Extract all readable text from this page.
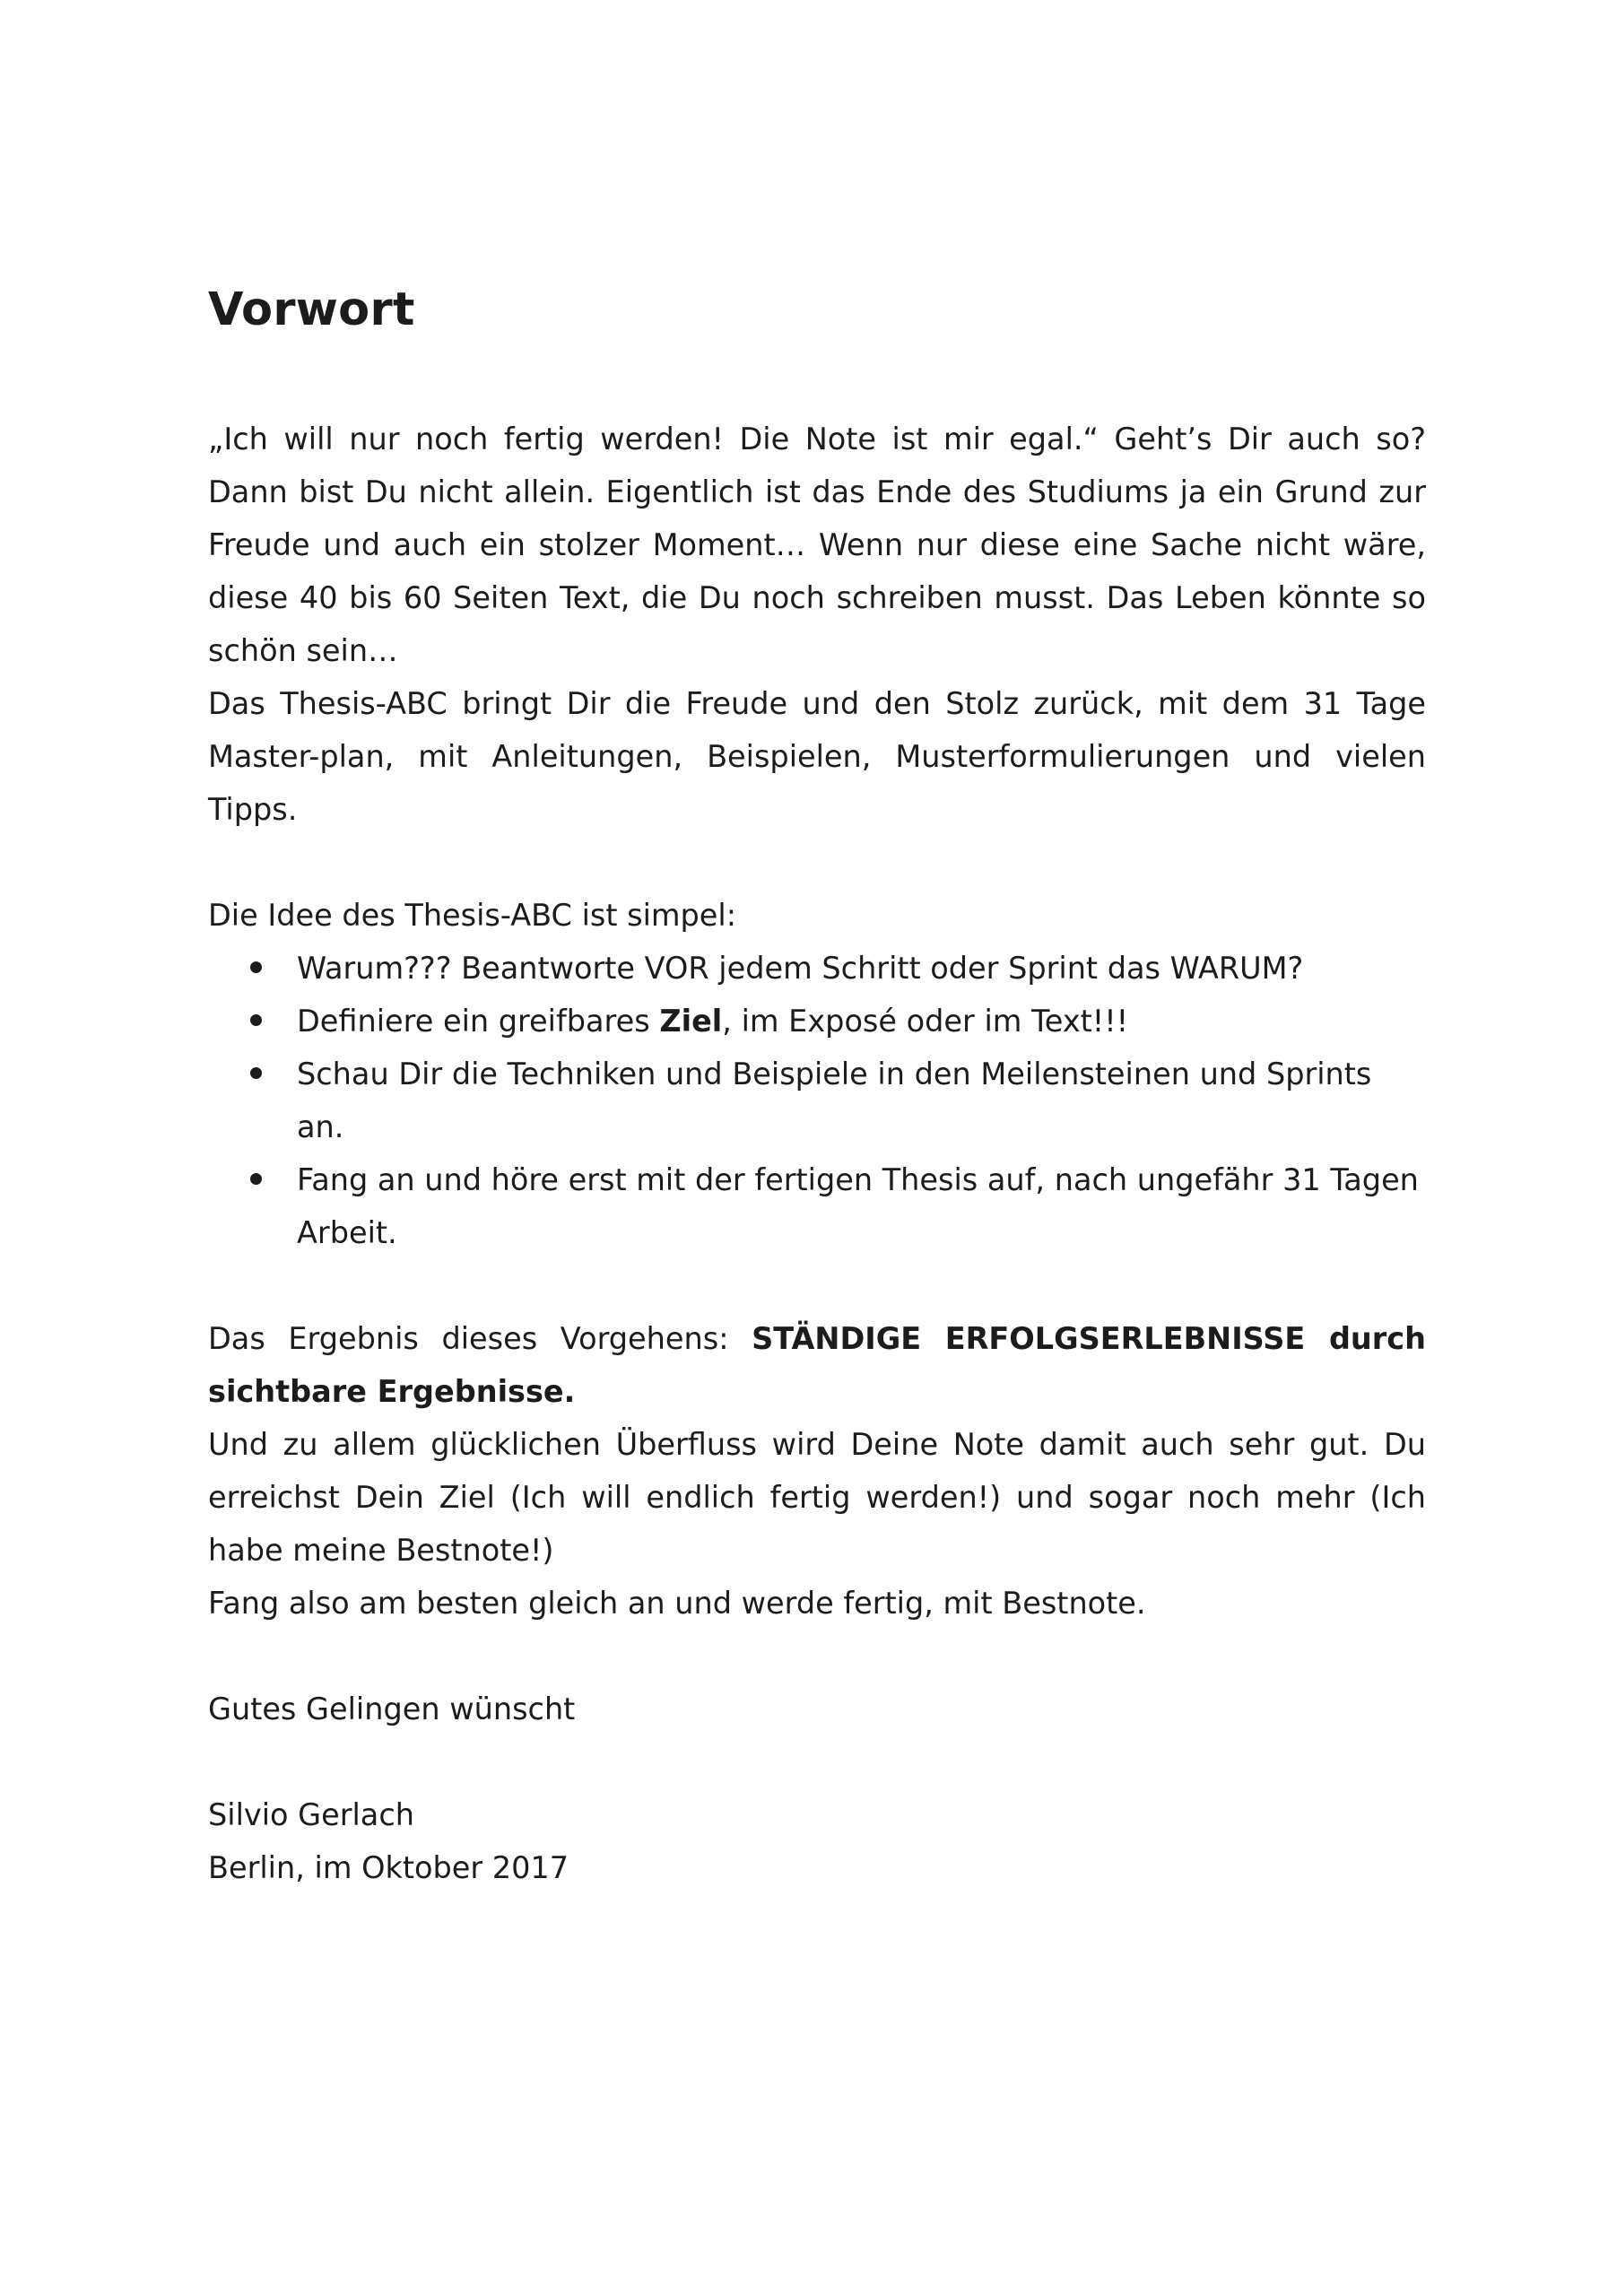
Vorwort

„Ich will nur noch fertig werden! Die Note ist mir egal.“ Geht’s Dir auch so? Dann bist Du nicht allein. Eigentlich ist das Ende des Studiums ja ein Grund zur Freude und auch ein stolzer Moment… Wenn nur diese eine Sache nicht wäre, diese 40 bis 60 Seiten Text, die Du noch schreiben musst. Das Leben könnte so schön sein…

Das Thesis-ABC bringt Dir die Freude und den Stolz zurück, mit dem 31 Tage Master-plan, mit Anleitungen, Beispielen, Musterformulierungen und vielen Tipps.

Die Idee des Thesis-ABC ist simpel:

Warum??? Beantworte VOR jedem Schritt oder Sprint das WARUM?
Definiere ein greifbares Ziel, im Exposé oder im Text!!!
Schau Dir die Techniken und Beispiele in den Meilensteinen und Sprints an.
Fang an und höre erst mit der fertigen Thesis auf, nach ungefähr 31 Tagen Arbeit.

Das Ergebnis dieses Vorgehens: STÄNDIGE ERFOLGSERLEBNISSE durch sichtbare Ergebnisse.

Und zu allem glücklichen Überfluss wird Deine Note damit auch sehr gut. Du erreichst Dein Ziel (Ich will endlich fertig werden!) und sogar noch mehr (Ich habe meine Bestnote!)

Fang also am besten gleich an und werde fertig, mit Bestnote.

Gutes Gelingen wünscht

Silvio Gerlach

Berlin, im Oktober 2017
